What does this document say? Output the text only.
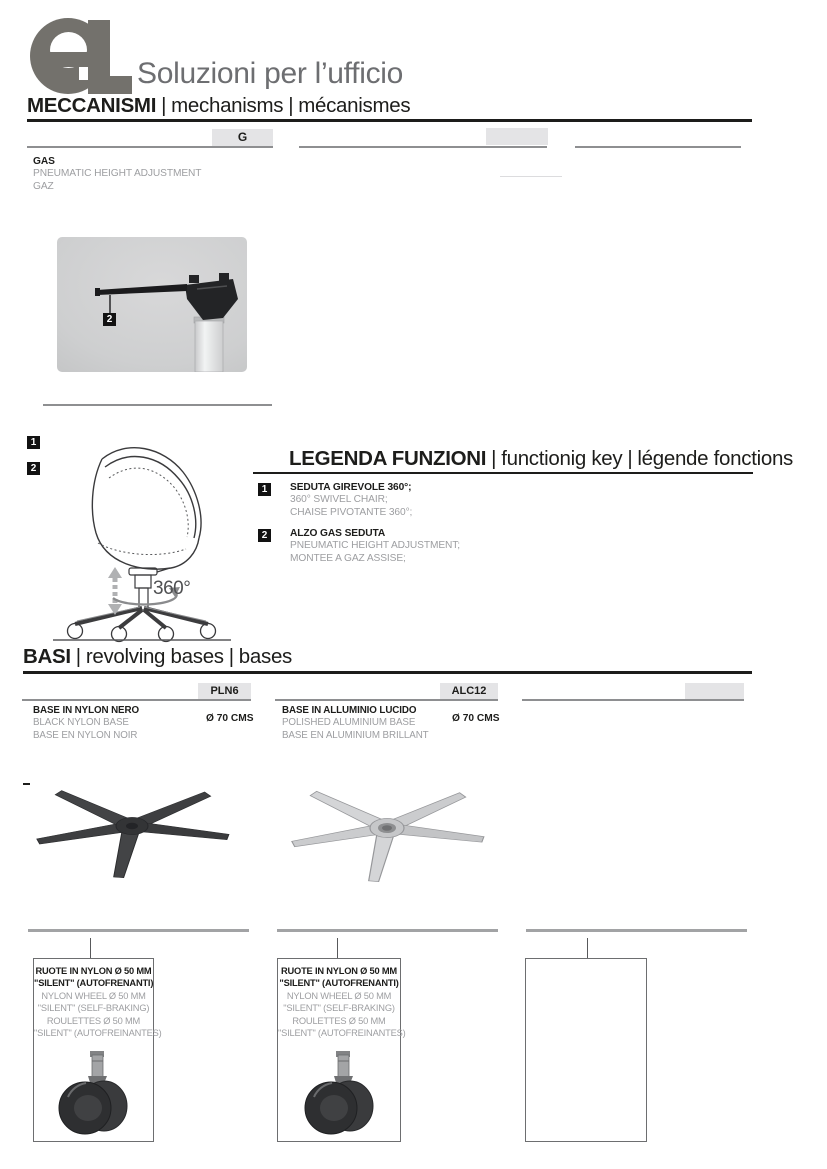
Soluzioni per l’ufficio
MECCANISMI | mechanisms | mécanismes
G
GAS
PNEUMATIC HEIGHT ADJUSTMENT
GAZ
2
1
2
360°
LEGENDA FUNZIONI | functionig key | légende fonctions
1	SEDUTA GIREVOLE 360°;
360° SWIVEL CHAIR;
CHAISE PIVOTANTE 360°;
2	ALZO GAS SEDUTA
PNEUMATIC HEIGHT ADJUSTMENT;
MONTEE A GAZ ASSISE;
BASI | revolving bases | bases
PLN6	ALC12
BASE IN NYLON NERO
BLACK NYLON BASE
BASE EN NYLON NOIR
Ø 70 CMS
BASE IN ALLUMINIO LUCIDO
POLISHED ALUMINIUM BASE
BASE EN ALUMINIUM BRILLANT
Ø 70 CMS
RUOTE IN NYLON Ø 50 MM
"SILENT" (AUTOFRENANTI)
NYLON WHEEL Ø 50 MM
"SILENT" (SELF-BRAKING)
ROULETTES Ø 50 MM
"SILENT" (AUTOFREINANTES)
RUOTE IN NYLON Ø 50 MM
"SILENT" (AUTOFRENANTI)
NYLON WHEEL Ø 50 MM
"SILENT" (SELF-BRAKING)
ROULETTES Ø 50 MM
"SILENT" (AUTOFREINANTES)
